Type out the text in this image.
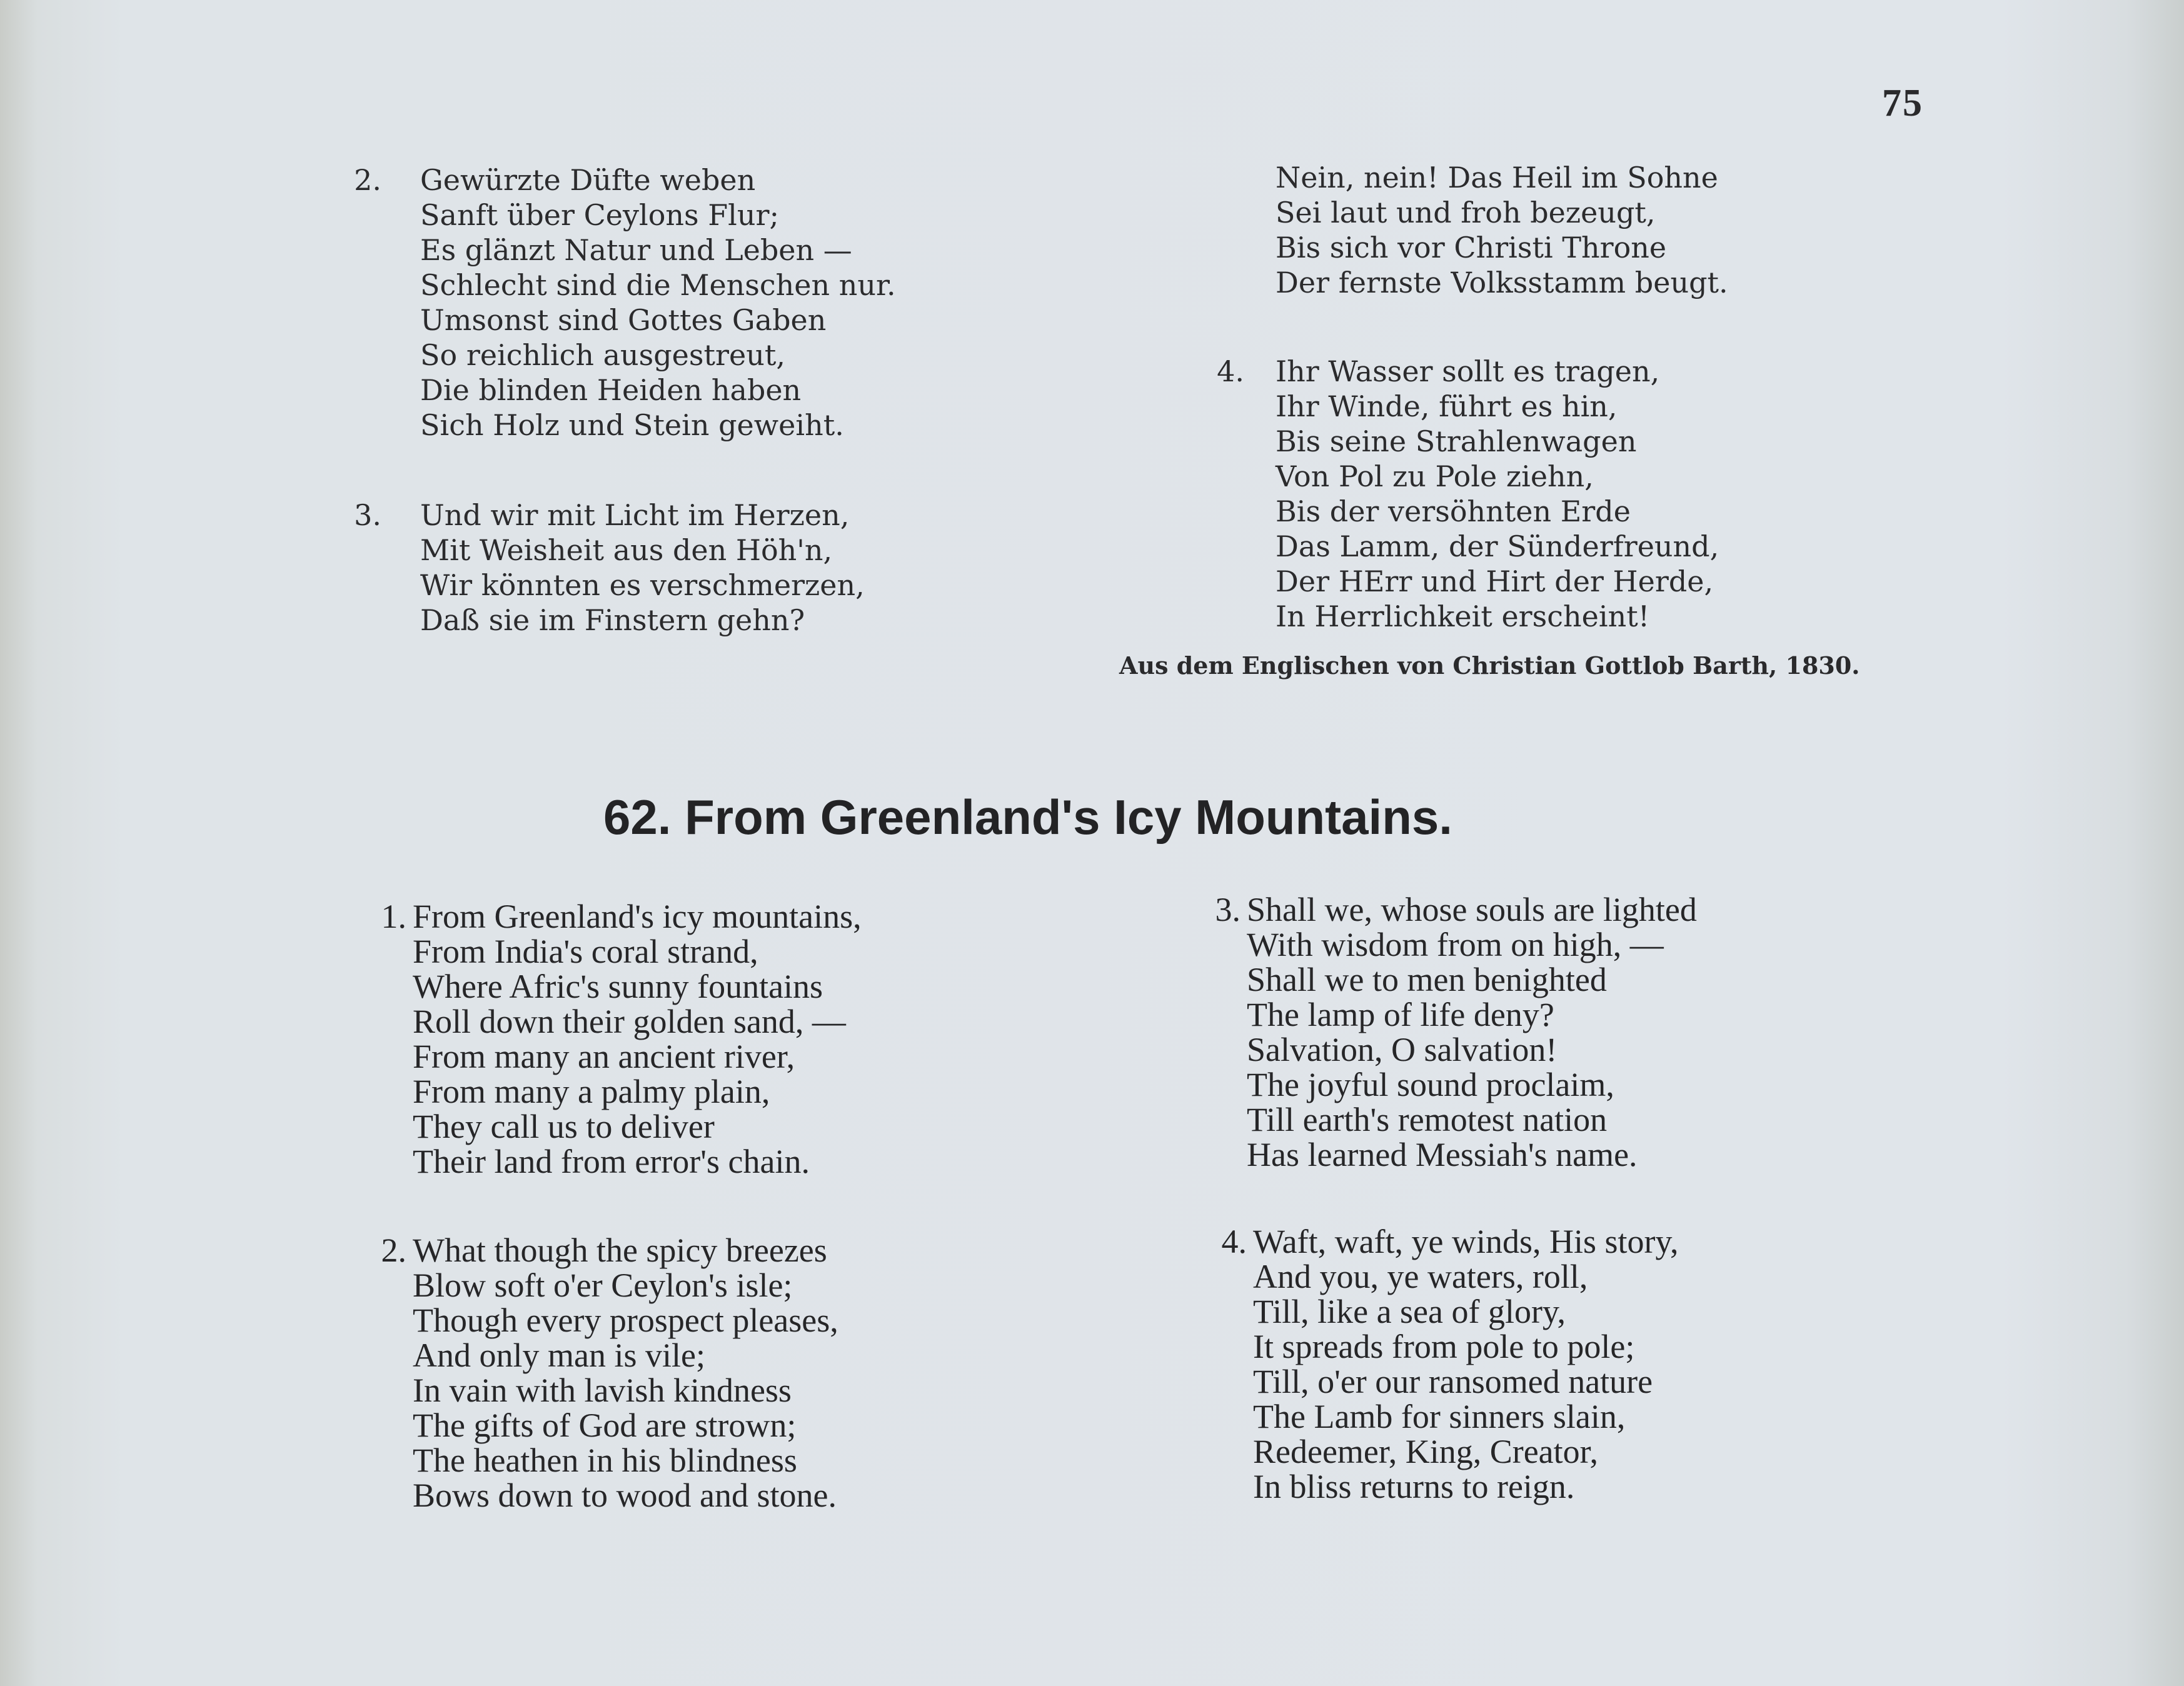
75
2.	Gewürzte Düfte weben
Sanft über Ceylons Flur;
Es glänzt Natur und Leben —
Schlecht sind die Menschen nur.
Umsonst sind Gottes Gaben
So reichlich ausgestreut,
Die blinden Heiden haben
Sich Holz und Stein geweiht.
3. Und wir mit Licht im Herzen,
Mit Weisheit aus den Höh'n,
Wir könnten es verschmerzen,
Daß sie im Finstern gehn?
Nein, nein! Das Heil im Sohne
Sei laut und froh bezeugt,
Bis sich vor Christi Throne
Der fernste Volksstamm beugt.
4. Ihr Wasser sollt es tragen,
Ihr Winde, führt es hin,
Bis seine Strahlenwagen
Von Pol zu Pole ziehn,
Bis der versöhnten Erde
Das Lamm, der Sünderfreund,
Der HErr und Hirt der Herde,
In Herrlichkeit erscheint!
Aus dem Englischen von Christian Gottlob Barth, 1830.
62. From Greenland's Icy Mountains.
1. From Greenland's icy mountains,
From India's coral strand,
Where Afric's sunny fountains
Roll down their golden sand, —
From many an ancient river,
From many a palmy plain,
They call us to deliver
Their land from error's chain.
2. What though the spicy breezes
Blow soft o'er Ceylon's isle;
Though every prospect pleases,
And only man is vile;
In vain with lavish kindness
The gifts of God are strown;
The heathen in his blindness
Bows down to wood and stone.
3. Shall we, whose souls are lighted
With wisdom from on high, —
Shall we to men benighted
The lamp of life deny?
Salvation, O salvation!
The joyful sound proclaim,
Till earth's remotest nation
Has learned Messiah's name.
4. Waft, waft, ye winds, His story,
And you, ye waters, roll,
Till, like a sea of glory,
It spreads from pole to pole;
Till, o'er our ransomed nature
The Lamb for sinners slain,
Redeemer, King, Creator,
In bliss returns to reign.
